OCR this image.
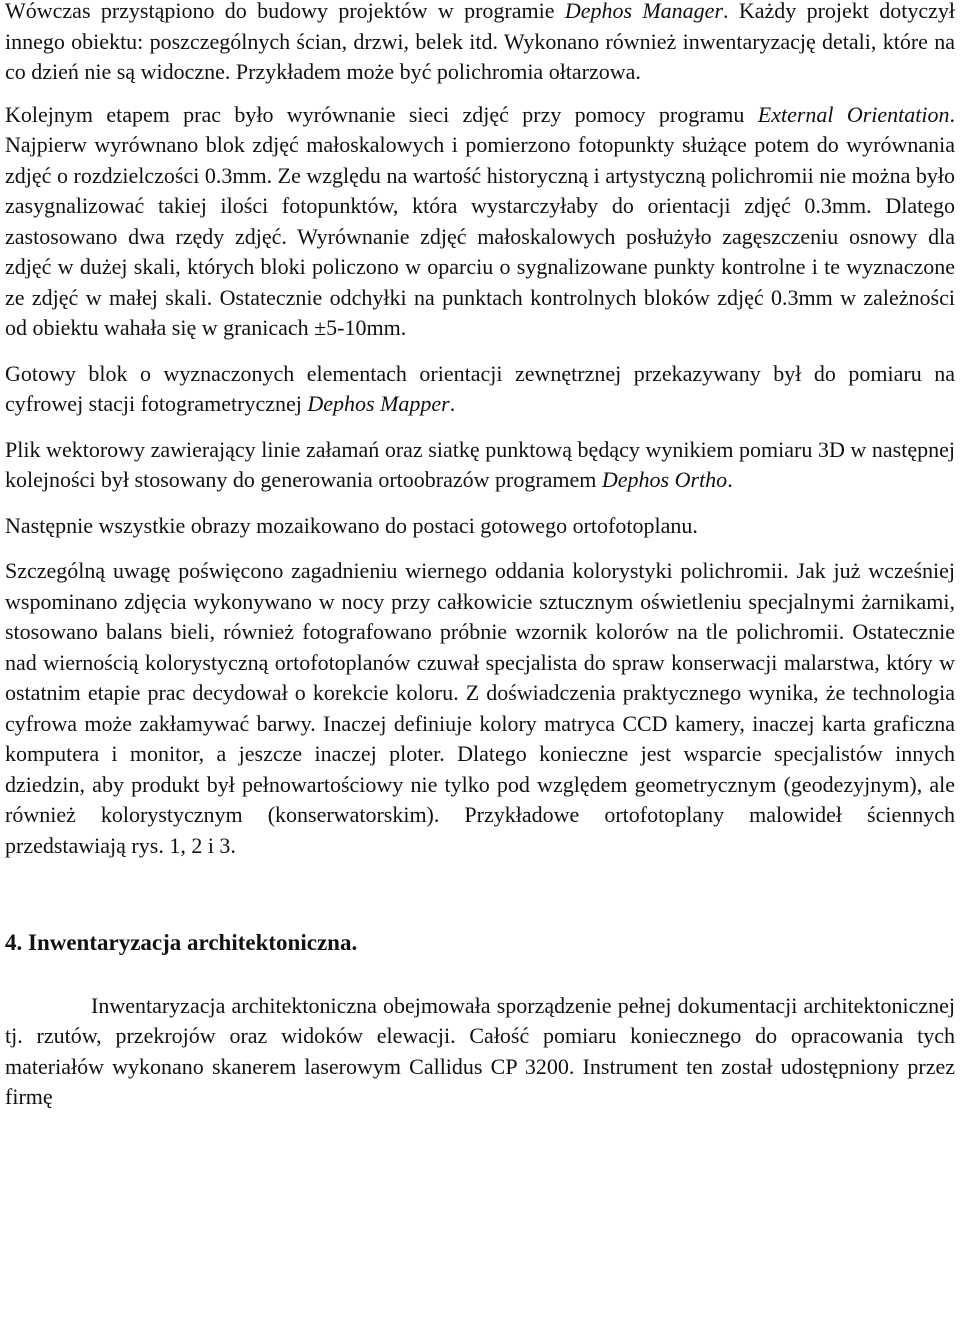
Wówczas przystąpiono do budowy projektów w programie Dephos Manager. Każdy projekt dotyczył innego obiektu: poszczególnych ścian, drzwi, belek itd. Wykonano również inwentaryzację detali, które na co dzień nie są widoczne. Przykładem może być polichromia ołtarzowa.

Kolejnym etapem prac było wyrównanie sieci zdjęć przy pomocy programu External Orientation. Najpierw wyrównano blok zdjęć małoskalowych i pomierzono fotopunkty służące potem do wyrównania zdjęć o rozdzielczości 0.3mm. Ze względu na wartość historyczną i artystyczną polichromii nie można było zasygnalizować takiej ilości fotopunktów, która wystarczyłaby do orientacji zdjęć 0.3mm. Dlatego zastosowano dwa rzędy zdjęć. Wyrównanie zdjęć małoskalowych posłużyło zagęszczeniu osnowy dla zdjęć w dużej skali, których bloki policzono w oparciu o sygnalizowane punkty kontrolne i te wyznaczone ze zdjęć w małej skali. Ostatecznie odchyłki na punktach kontrolnych bloków zdjęć 0.3mm w zależności od obiektu wahała się w granicach ±5-10mm.

Gotowy blok o wyznaczonych elementach orientacji zewnętrznej przekazywany był do pomiaru na cyfrowej stacji fotogrametrycznej Dephos Mapper.

Plik wektorowy zawierający linie załamań oraz siatkę punktową będący wynikiem pomiaru 3D w następnej kolejności był stosowany do generowania ortoobrazów programem Dephos Ortho.

Następnie wszystkie obrazy mozaikowano do postaci gotowego ortofotoplanu.

Szczególną uwagę poświęcono zagadnieniu wiernego oddania kolorystyki polichromii. Jak już wcześniej wspominano zdjęcia wykonywano w nocy przy całkowicie sztucznym oświetleniu specjalnymi żarnikami, stosowano balans bieli, również fotografowano próbnie wzornik kolorów na tle polichromii. Ostatecznie nad wiernością kolorystyczną ortofotoplanów czuwał specjalista do spraw konserwacji malarstwa, który w ostatnim etapie prac decydował o korekcie koloru. Z doświadczenia praktycznego wynika, że technologia cyfrowa może zakłamywać barwy. Inaczej definiuje kolory matryca CCD kamery, inaczej karta graficzna komputera i monitor, a jeszcze inaczej ploter. Dlatego konieczne jest wsparcie specjalistów innych dziedzin, aby produkt był pełnowartościowy nie tylko pod względem geometrycznym (geodezyjnym), ale również kolorystycznym (konserwatorskim). Przykładowe ortofotoplany malowideł ściennych przedstawiają rys. 1, 2 i 3.

4. Inwentaryzacja architektoniczna.

Inwentaryzacja architektoniczna obejmowała sporządzenie pełnej dokumentacji architektonicznej tj. rzutów, przekrojów oraz widoków elewacji. Całość pomiaru koniecznego do opracowania tych materiałów wykonano skanerem laserowym Callidus CP 3200. Instrument ten został udostępniony przez firmę
